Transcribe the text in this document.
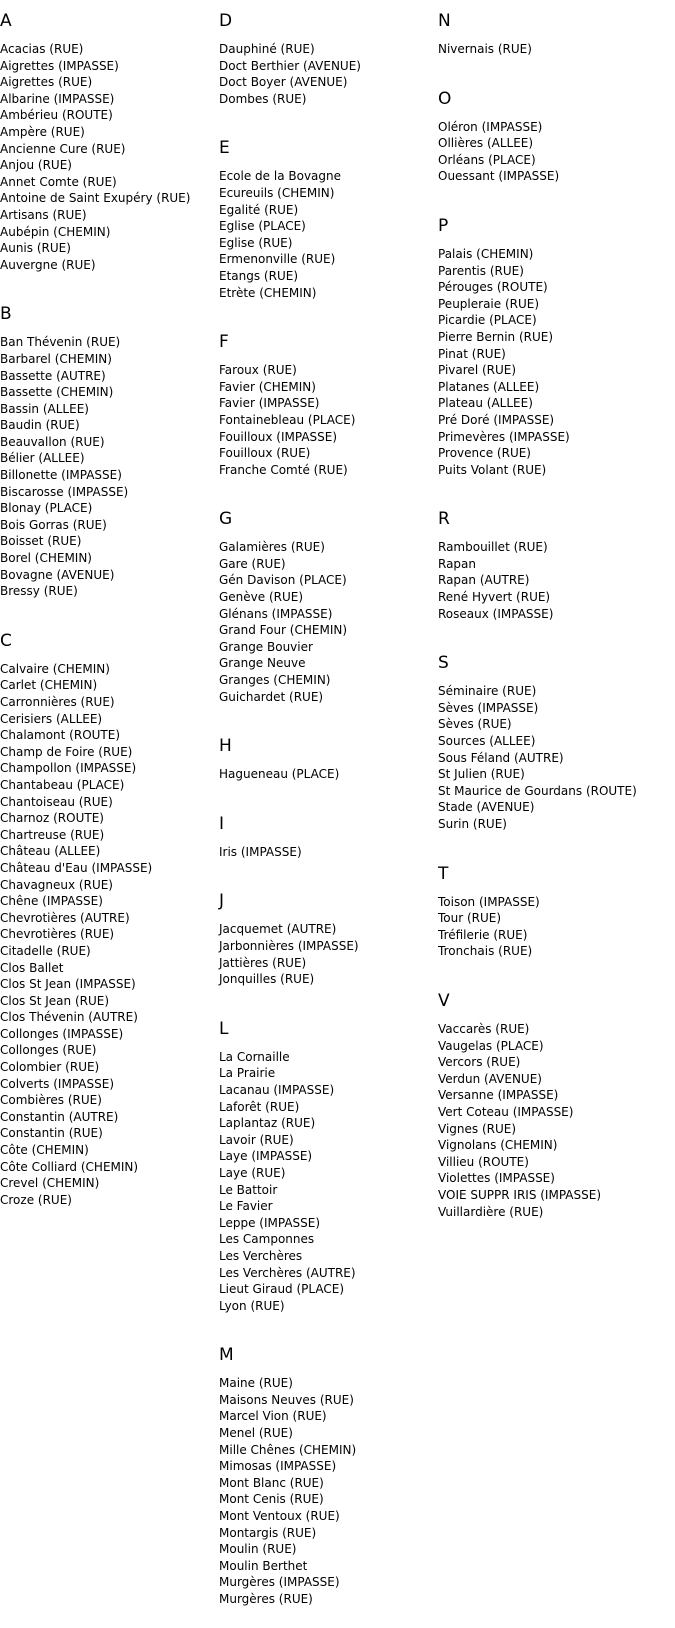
A
Acacias (RUE)
Aigrettes (IMPASSE)
Aigrettes (RUE)
Albarine (IMPASSE)
Ambérieu (ROUTE)
Ampère (RUE)
Ancienne Cure (RUE)
Anjou (RUE)
Annet Comte (RUE)
Antoine de Saint Exupéry (RUE)
Artisans (RUE)
Aubépin (CHEMIN)
Aunis (RUE)
Auvergne (RUE)
B
Ban Thévenin (RUE)
Barbarel (CHEMIN)
Bassette (AUTRE)
Bassette (CHEMIN)
Bassin (ALLEE)
Baudin (RUE)
Beauvallon (RUE)
Bélier (ALLEE)
Billonette (IMPASSE)
Biscarosse (IMPASSE)
Blonay (PLACE)
Bois Gorras (RUE)
Boisset (RUE)
Borel (CHEMIN)
Bovagne (AVENUE)
Bressy (RUE)
C
Calvaire (CHEMIN)
Carlet (CHEMIN)
Carronnières (RUE)
Cerisiers (ALLEE)
Chalamont (ROUTE)
Champ de Foire (RUE)
Champollon (IMPASSE)
Chantabeau (PLACE)
Chantoiseau (RUE)
Charnoz (ROUTE)
Chartreuse (RUE)
Château (ALLEE)
Château d'Eau (IMPASSE)
Chavagneux (RUE)
Chêne (IMPASSE)
Chevrotières (AUTRE)
Chevrotières (RUE)
Citadelle (RUE)
Clos Ballet
Clos St Jean (IMPASSE)
Clos St Jean (RUE)
Clos Thévenin (AUTRE)
Collonges (IMPASSE)
Collonges (RUE)
Colombier (RUE)
Colverts (IMPASSE)
Combières (RUE)
Constantin (AUTRE)
Constantin (RUE)
Côte (CHEMIN)
Côte Colliard (CHEMIN)
Crevel (CHEMIN)
Croze (RUE)
D
Dauphiné (RUE)
Doct Berthier (AVENUE)
Doct Boyer (AVENUE)
Dombes (RUE)
E
Ecole de la Bovagne
Ecureuils (CHEMIN)
Egalité (RUE)
Eglise (PLACE)
Eglise (RUE)
Ermenonville (RUE)
Etangs (RUE)
Etrète (CHEMIN)
F
Faroux (RUE)
Favier (CHEMIN)
Favier (IMPASSE)
Fontainebleau (PLACE)
Fouilloux (IMPASSE)
Fouilloux (RUE)
Franche Comté (RUE)
G
Galamières (RUE)
Gare (RUE)
Gén Davison (PLACE)
Genève (RUE)
Glénans (IMPASSE)
Grand Four (CHEMIN)
Grange Bouvier
Grange Neuve
Granges (CHEMIN)
Guichardet (RUE)
H
Hagueneau (PLACE)
I
Iris (IMPASSE)
J
Jacquemet (AUTRE)
Jarbonnières (IMPASSE)
Jattières (RUE)
Jonquilles (RUE)
L
La Cornaille
La Prairie
Lacanau (IMPASSE)
Laforêt (RUE)
Laplantaz (RUE)
Lavoir (RUE)
Laye (IMPASSE)
Laye (RUE)
Le Battoir
Le Favier
Leppe (IMPASSE)
Les Camponnes
Les Verchères
Les Verchères (AUTRE)
Lieut Giraud (PLACE)
Lyon (RUE)
M
Maine (RUE)
Maisons Neuves (RUE)
Marcel Vion (RUE)
Menel (RUE)
Mille Chênes (CHEMIN)
Mimosas (IMPASSE)
Mont Blanc (RUE)
Mont Cenis (RUE)
Mont Ventoux (RUE)
Montargis (RUE)
Moulin (RUE)
Moulin Berthet
Murgères (IMPASSE)
Murgères (RUE)
N
Nivernais (RUE)
O
Oléron (IMPASSE)
Ollières (ALLEE)
Orléans (PLACE)
Ouessant (IMPASSE)
P
Palais (CHEMIN)
Parentis (RUE)
Pérouges (ROUTE)
Peupleraie (RUE)
Picardie (PLACE)
Pierre Bernin (RUE)
Pinat (RUE)
Pivarel (RUE)
Platanes (ALLEE)
Plateau (ALLEE)
Pré Doré (IMPASSE)
Primevères (IMPASSE)
Provence (RUE)
Puits Volant (RUE)
R
Rambouillet (RUE)
Rapan
Rapan (AUTRE)
René Hyvert (RUE)
Roseaux (IMPASSE)
S
Séminaire (RUE)
Sèves (IMPASSE)
Sèves (RUE)
Sources (ALLEE)
Sous Féland (AUTRE)
St Julien (RUE)
St Maurice de Gourdans (ROUTE)
Stade (AVENUE)
Surin (RUE)
T
Toison (IMPASSE)
Tour (RUE)
Tréfilerie (RUE)
Tronchais (RUE)
V
Vaccarès (RUE)
Vaugelas (PLACE)
Vercors (RUE)
Verdun (AVENUE)
Versanne (IMPASSE)
Vert Coteau (IMPASSE)
Vignes (RUE)
Vignolans (CHEMIN)
Villieu (ROUTE)
Violettes (IMPASSE)
VOIE SUPPR IRIS (IMPASSE)
Vuillardière (RUE)
